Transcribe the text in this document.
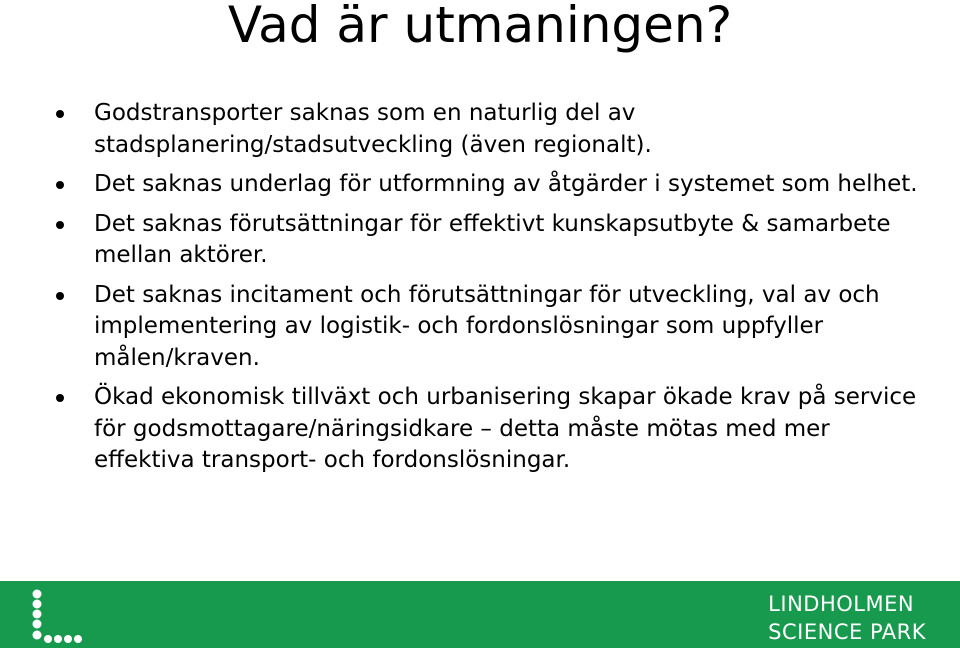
Vad är utmaningen?
Godstransporter saknas som en naturlig del av stadsplanering/stadsutveckling (även regionalt).
Det saknas underlag för utformning av åtgärder i systemet som helhet.
Det saknas förutsättningar för effektivt kunskapsutbyte & samarbete mellan aktörer.
Det saknas incitament och förutsättningar för utveckling, val av och implementering av logistik- och fordonslösningar som uppfyller målen/kraven.
Ökad ekonomisk tillväxt och urbanisering skapar ökade krav på service för godsmottagare/näringsidkare – detta måste mötas med mer effektiva transport- och fordonslösningar.
LINDHOLMEN
SCIENCE PARK
